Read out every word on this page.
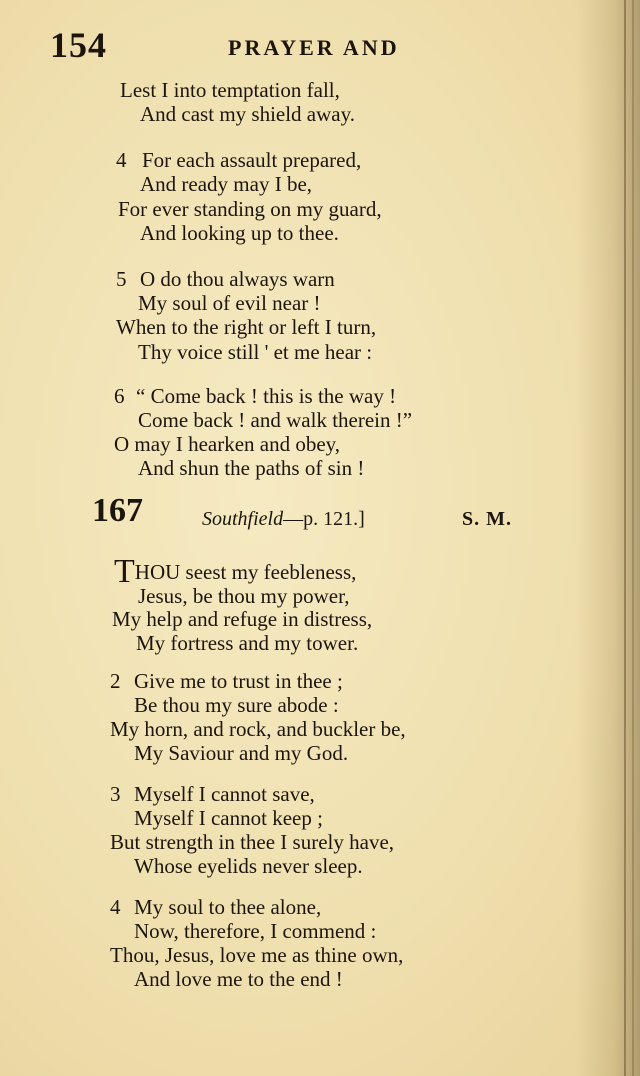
154	PRAYER AND
Lest I into temptation fall,
And cast my shield away.
4 For each assault prepared,
And ready may I be,
For ever standing on my guard,
And looking up to thee.
5 O do thou always warn
My soul of evil near !
When to the right or left I turn,
Thy voice still ' et me hear :
6 “ Come back ! this is the way !
Come back ! and walk therein !”
O may I hearken and obey,
And shun the paths of sin !
167	Southfield—p. 121.]	S. M.
THOU seest my feebleness,
Jesus, be thou my power,
My help and refuge in distress,
My fortress and my tower.
2 Give me to trust in thee ;
Be thou my sure abode :
My horn, and rock, and buckler be,
My Saviour and my God.
3 Myself I cannot save,
Myself I cannot keep ;
But strength in thee I surely have,
Whose eyelids never sleep.
4 My soul to thee alone,
Now, therefore, I commend :
Thou, Jesus, love me as thine own,
And love me to the end !
